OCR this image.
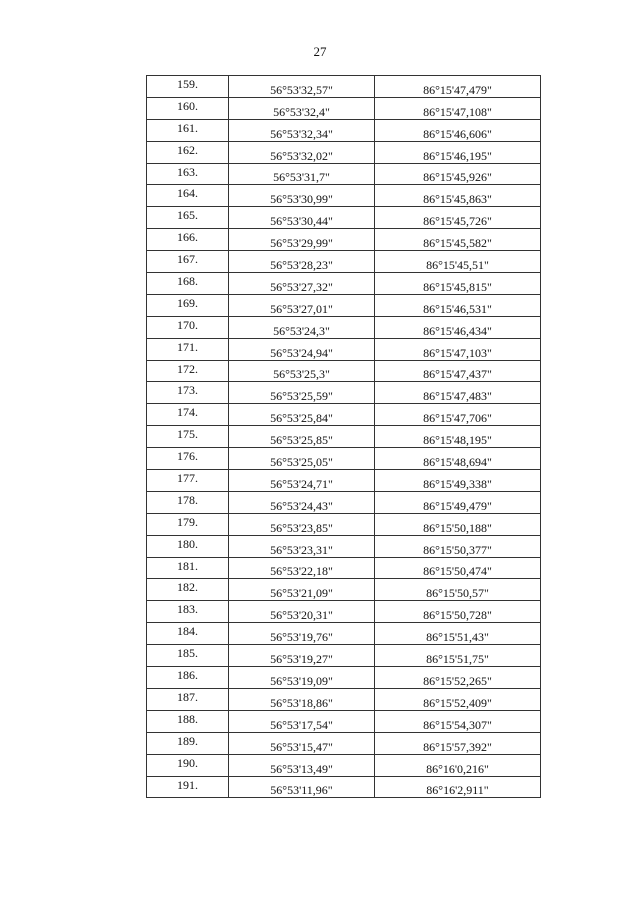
27
159.	56°53'32,57"	86°15'47,479"
160.	56°53'32,4"	86°15'47,108"
161.	56°53'32,34"	86°15'46,606"
162.	56°53'32,02"	86°15'46,195"
163.	56°53'31,7"	86°15'45,926"
164.	56°53'30,99"	86°15'45,863"
165.	56°53'30,44"	86°15'45,726"
166.	56°53'29,99"	86°15'45,582"
167.	56°53'28,23"	86°15'45,51"
168.	56°53'27,32"	86°15'45,815"
169.	56°53'27,01"	86°15'46,531"
170.	56°53'24,3"	86°15'46,434"
171.	56°53'24,94"	86°15'47,103"
172.	56°53'25,3"	86°15'47,437"
173.	56°53'25,59"	86°15'47,483"
174.	56°53'25,84"	86°15'47,706"
175.	56°53'25,85"	86°15'48,195"
176.	56°53'25,05"	86°15'48,694"
177.	56°53'24,71"	86°15'49,338"
178.	56°53'24,43"	86°15'49,479"
179.	56°53'23,85"	86°15'50,188"
180.	56°53'23,31"	86°15'50,377"
181.	56°53'22,18"	86°15'50,474"
182.	56°53'21,09"	86°15'50,57"
183.	56°53'20,31"	86°15'50,728"
184.	56°53'19,76"	86°15'51,43"
185.	56°53'19,27"	86°15'51,75"
186.	56°53'19,09"	86°15'52,265"
187.	56°53'18,86"	86°15'52,409"
188.	56°53'17,54"	86°15'54,307"
189.	56°53'15,47"	86°15'57,392"
190.	56°53'13,49"	86°16'0,216"
191.	56°53'11,96"	86°16'2,911"
